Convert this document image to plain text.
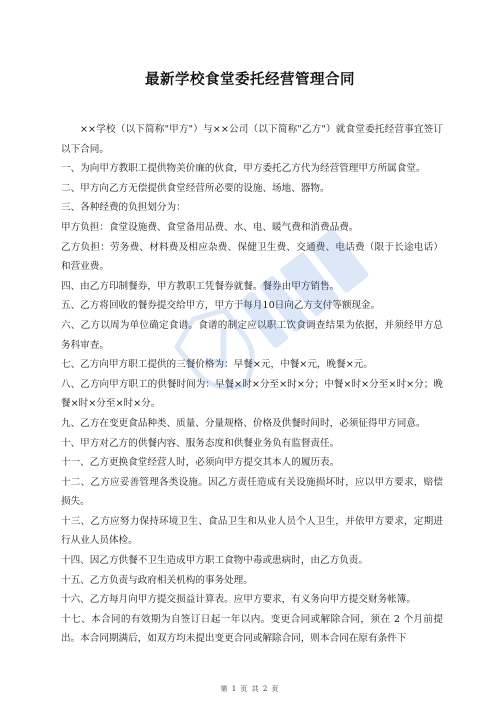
最新学校食堂委托经营管理合同

××学校（以下简称"甲方"）与××公司（以下简称"乙方"）就食堂委托经营事宜签订以下合同。

一、为向甲方教职工提供物美价廉的伙食，甲方委托乙方代为经营管理甲方所属食堂。

二、甲方向乙方无偿提供食堂经营所必要的设施、场地、器物。

三、各种经费的负担划分为：

甲方负担：食堂设施费、食堂备用品费、水、电、暖气费和消费品费。

乙方负担：劳务费、材料费及相应杂费、保健卫生费、交通费、电话费（限于长途电话）和营业费。

四、由乙方印制餐券，甲方教职工凭餐券就餐。餐券由甲方销售。

五、乙方将回收的餐券提交给甲方，甲方于每月10日向乙方支付等额现金。

六、乙方以周为单位确定食谱。食谱的制定应以职工饮食调查结果为依据，并须经甲方总务科审查。

七、乙方向甲方职工提供的三餐价格为：早餐×元，中餐×元，晚餐×元。

八、乙方向甲方职工的供餐时间为：早餐×时×分至×时×分；中餐×时×分至×时×分；晚餐×时×分至×时×分。

九、乙方在变更食品种类、质量、分量规格、价格及供餐时间时，必须征得甲方同意。

十、甲方对乙方的供餐内容、服务态度和供餐业务负有监督责任。

十一、乙方更换食堂经营人时，必须向甲方提交其本人的履历表。

十二、乙方应妥善管理各类设施。因乙方责任造成有关设施损坏时，应以甲方要求，赔偿损失。

十三、乙方应努力保持环境卫生、食品卫生和从业人员个人卫生，并依甲方要求，定期进行从业人员体检。

十四、因乙方供餐不卫生造成甲方职工食物中毒或患病时，由乙方负责。

十五、乙方负责与政府相关机构的事务处理。

十六、乙方每月向甲方提交损益计算表。应甲方要求，有义务向甲方提交财务帐簿。

十七、本合同的有效期为自签订日起一年以内。变更合同或解除合同，须在 2 个月前提出。本合同期满后，如双方均未提出变更合同或解除合同，则本合同在原有条件下

第 1 页 共 2 页
